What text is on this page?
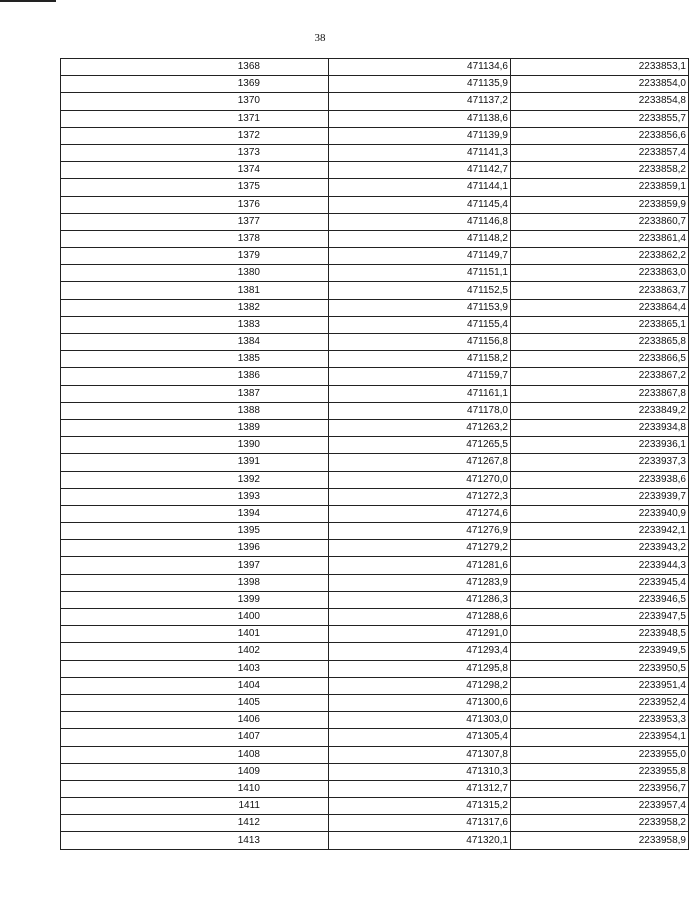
38
1368	471134,6	2233853,1
1369	471135,9	2233854,0
1370	471137,2	2233854,8
1371	471138,6	2233855,7
1372	471139,9	2233856,6
1373	471141,3	2233857,4
1374	471142,7	2233858,2
1375	471144,1	2233859,1
1376	471145,4	2233859,9
1377	471146,8	2233860,7
1378	471148,2	2233861,4
1379	471149,7	2233862,2
1380	471151,1	2233863,0
1381	471152,5	2233863,7
1382	471153,9	2233864,4
1383	471155,4	2233865,1
1384	471156,8	2233865,8
1385	471158,2	2233866,5
1386	471159,7	2233867,2
1387	471161,1	2233867,8
1388	471178,0	2233849,2
1389	471263,2	2233934,8
1390	471265,5	2233936,1
1391	471267,8	2233937,3
1392	471270,0	2233938,6
1393	471272,3	2233939,7
1394	471274,6	2233940,9
1395	471276,9	2233942,1
1396	471279,2	2233943,2
1397	471281,6	2233944,3
1398	471283,9	2233945,4
1399	471286,3	2233946,5
1400	471288,6	2233947,5
1401	471291,0	2233948,5
1402	471293,4	2233949,5
1403	471295,8	2233950,5
1404	471298,2	2233951,4
1405	471300,6	2233952,4
1406	471303,0	2233953,3
1407	471305,4	2233954,1
1408	471307,8	2233955,0
1409	471310,3	2233955,8
1410	471312,7	2233956,7
1411	471315,2	2233957,4
1412	471317,6	2233958,2
1413	471320,1	2233958,9
